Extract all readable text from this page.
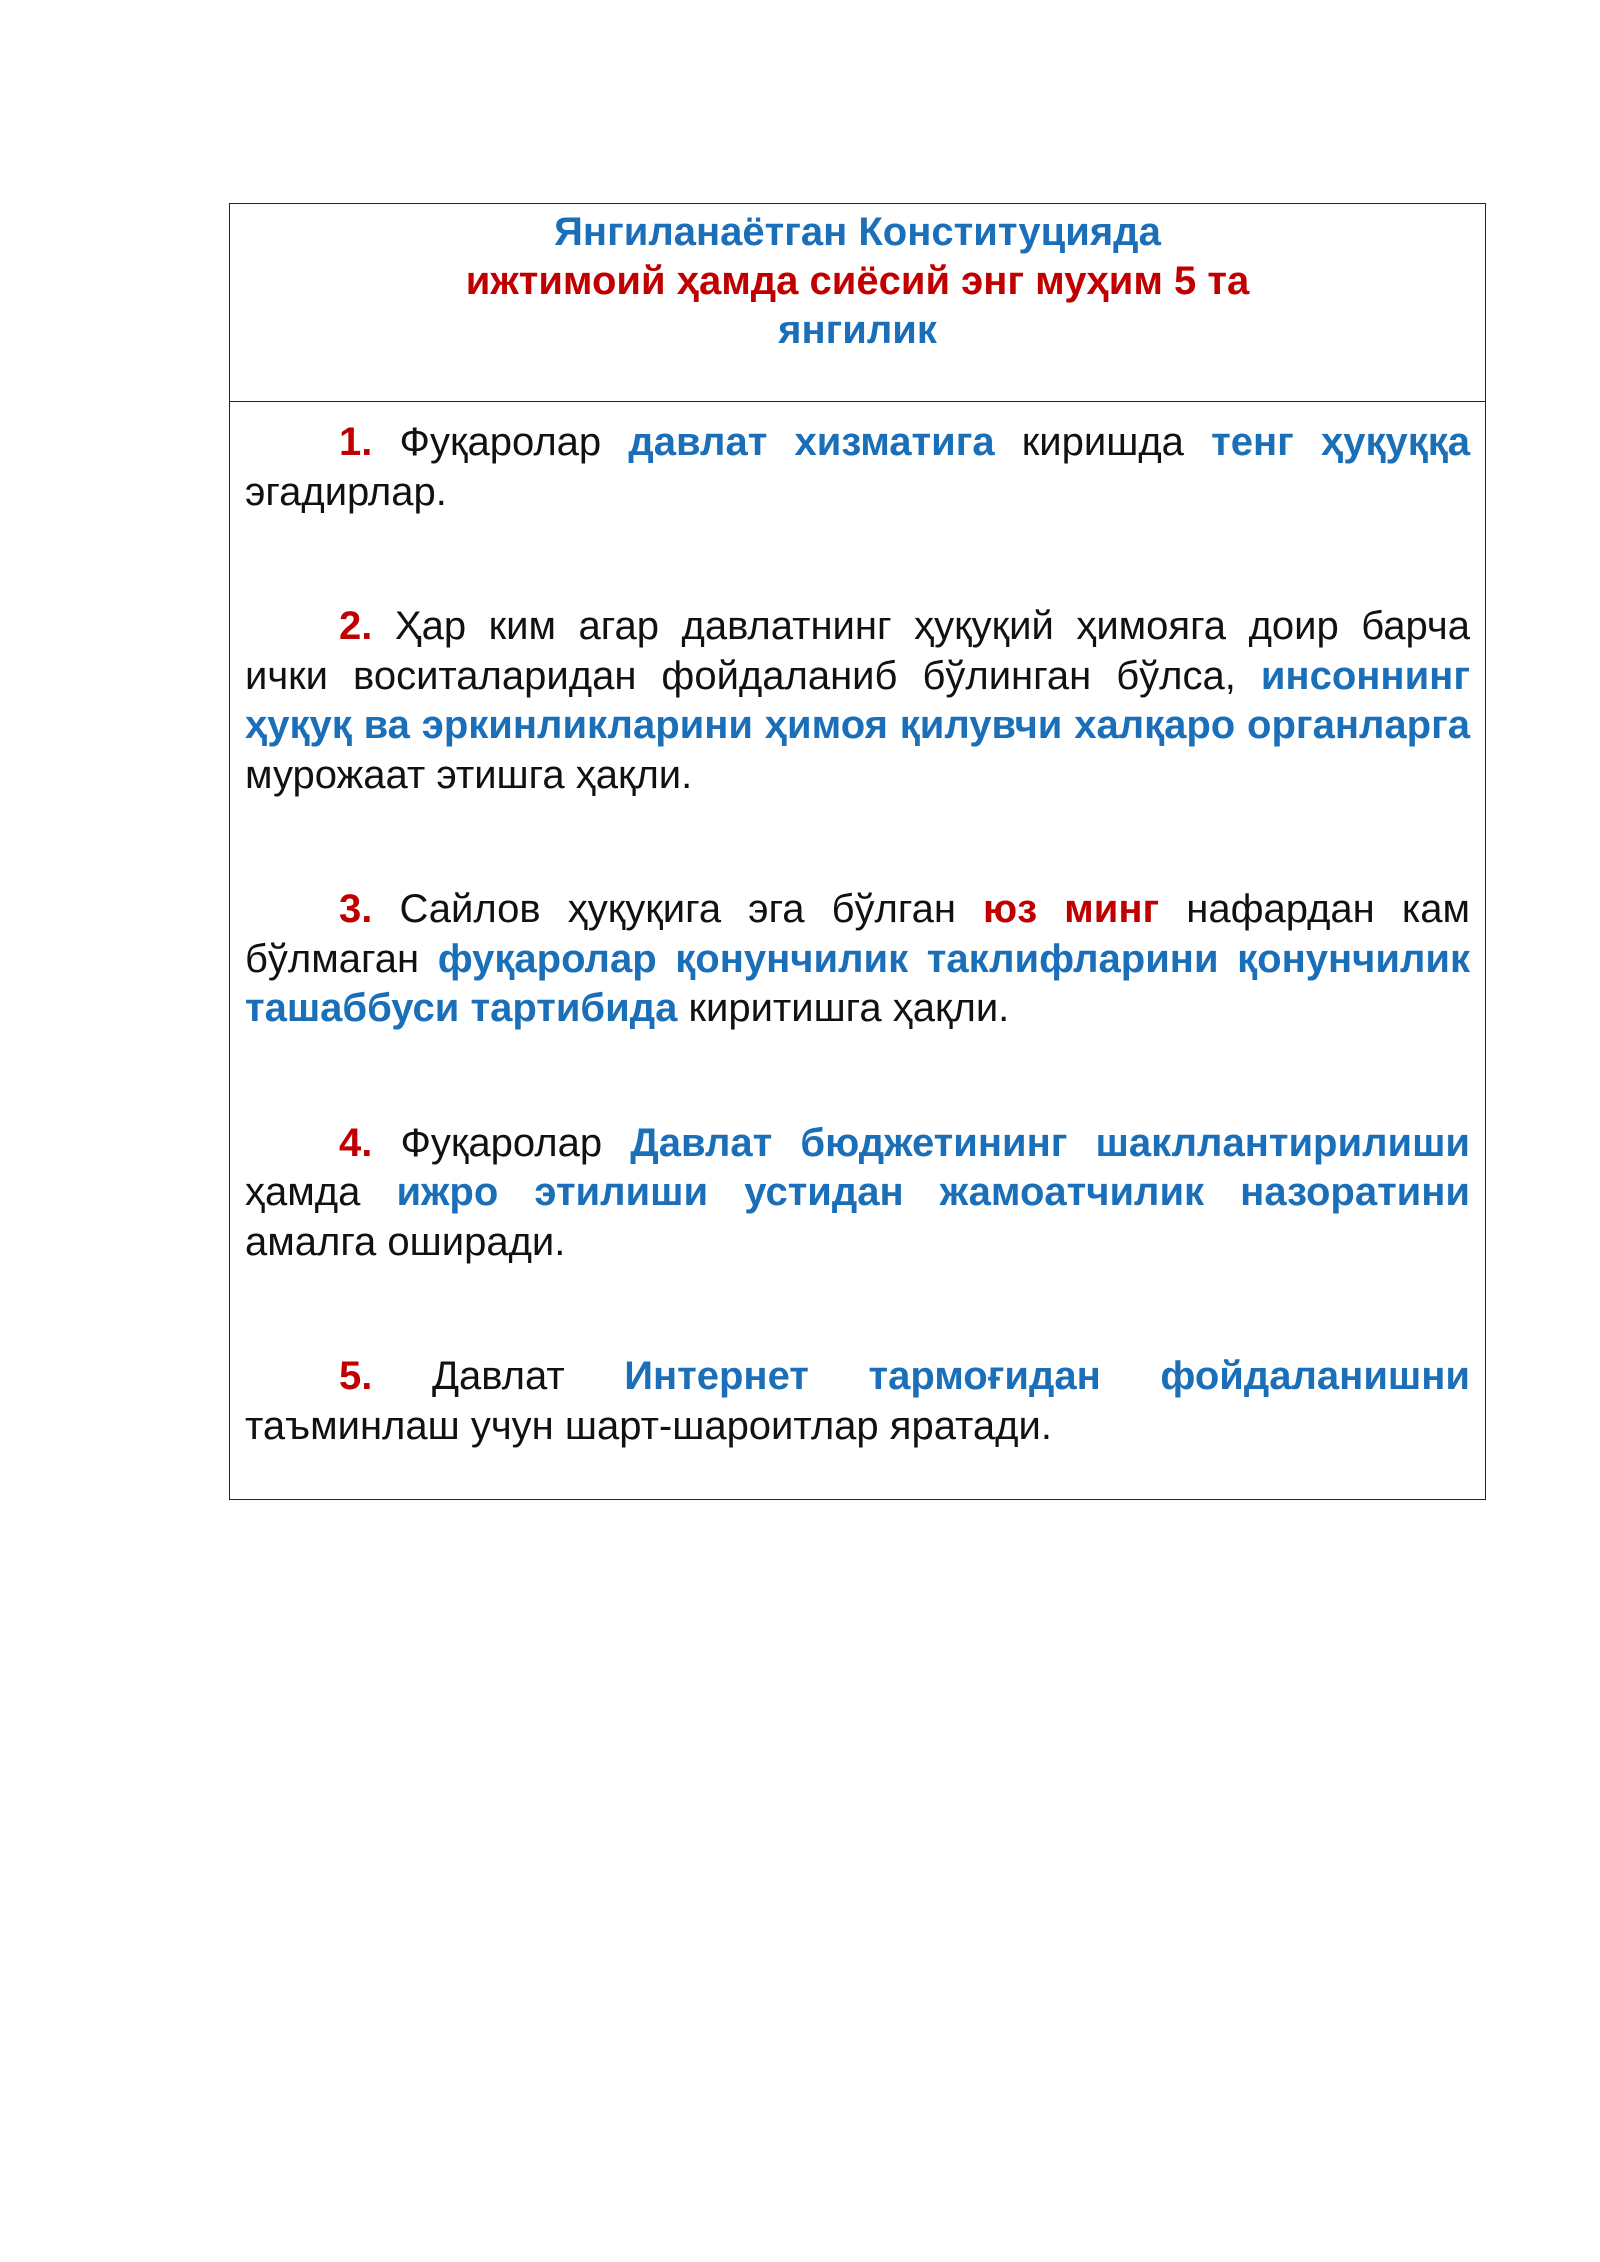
Янгиланаётган Конституцияда
ижтимоий ҳамда сиёсий энг муҳим 5 та
янгилик

1. Фуқаролар давлат хизматига киришда тенг ҳуқуққа эгадирлар.

2. Ҳар ким агар давлатнинг ҳуқуқий ҳимояга доир барча ички воситаларидан фойдаланиб бўлинган бўлса, инсоннинг ҳуқуқ ва эркинликларини ҳимоя қилувчи халқаро органларга мурожаат этишга ҳақли.

3. Сайлов ҳуқуқига эга бўлган юз минг нафардан кам бўлмаган фуқаролар қонунчилик таклифларини қонунчилик ташаббуси тартибида киритишга ҳақли.

4. Фуқаролар Давлат бюджетининг шакллантирилиши ҳамда ижро этилиши устидан жамоатчилик назоратини амалга оширади.

5. Давлат Интернет тармоғидан фойдаланишни таъминлаш учун шарт-шароитлар яратади.
